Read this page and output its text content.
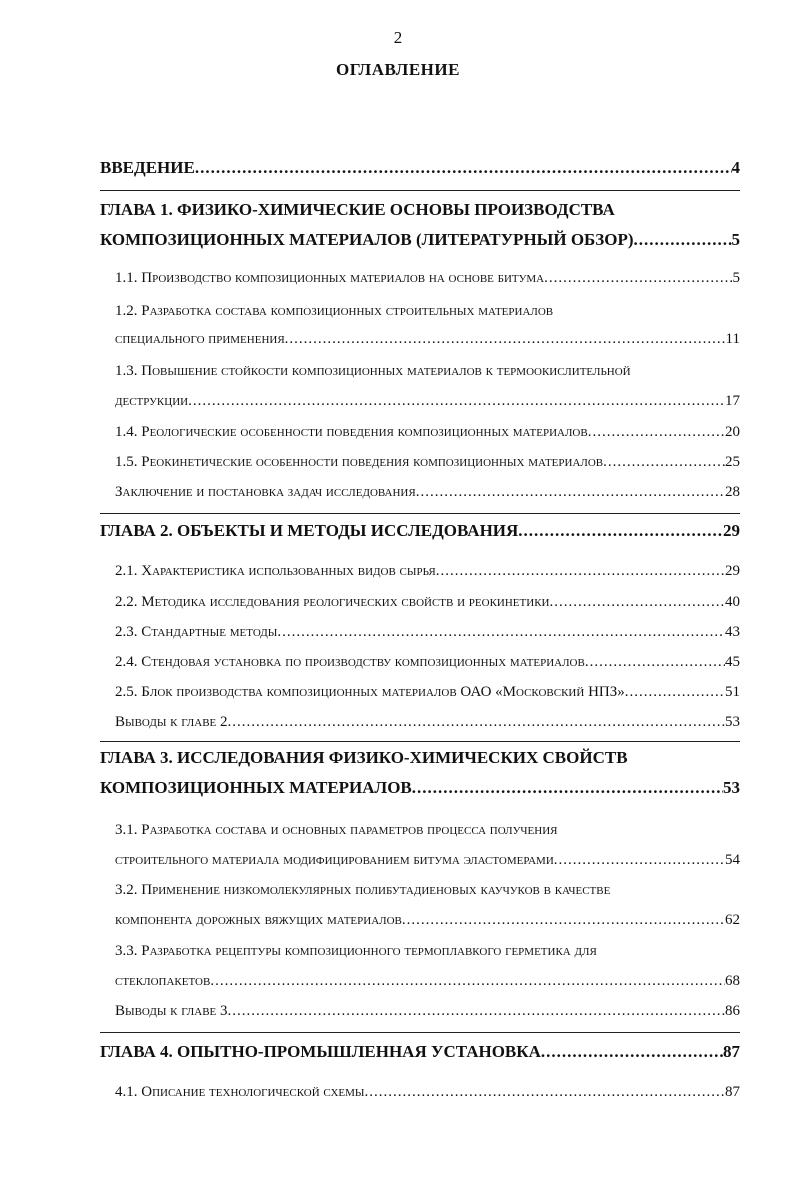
2
ОГЛАВЛЕНИЕ
ВВЕДЕНИЕ .....	4
ГЛАВА 1. ФИЗИКО-ХИМИЧЕСКИЕ ОСНОВЫ ПРОИЗВОДСТВА
КОМПОЗИЦИОННЫХ МАТЕРИАЛОВ (ЛИТЕРАТУРНЫЙ ОБЗОР) .....	5
1.1. Производство композиционных материалов на основе битума .....	5
1.2. Разработка состава композиционных строительных материалов
специального применения .....	11
1.3. Повышение стойкости композиционных материалов к термоокислительной
деструкции .....	17
1.4. Реологические особенности поведения композиционных материалов .....	20
1.5. Реокинетические особенности поведения композиционных материалов .....	25
Заключение и постановка задач исследования .....	28
ГЛАВА 2. ОБЪЕКТЫ И МЕТОДЫ ИССЛЕДОВАНИЯ .....	29
2.1. Характеристика использованных видов сырья .....	29
2.2. Методика исследования реологических свойств и реокинетики .....	40
2.3. Стандартные методы .....	43
2.4. Стендовая установка по производству композиционных материалов .....	45
2.5. Блок производства композиционных материалов ОАО «Московский НПЗ» .....	51
Выводы к главе 2 .....	53
ГЛАВА 3. ИССЛЕДОВАНИЯ ФИЗИКО-ХИМИЧЕСКИХ СВОЙСТВ
КОМПОЗИЦИОННЫХ МАТЕРИАЛОВ .....	53
3.1. Разработка состава и основных параметров процесса получения
строительного материала модифицированием битума эластомерами .....	54
3.2. Применение низкомолекулярных полибутадиеновых каучуков в качестве
компонента дорожных вяжущих материалов .....	62
3.3. Разработка рецептуры композиционного термоплавкого герметика для
стеклопакетов .....	68
Выводы к главе 3 .....	86
ГЛАВА 4. ОПЫТНО-ПРОМЫШЛЕННАЯ УСТАНОВКА .....	87
4.1. Описание технологической схемы .....	87
